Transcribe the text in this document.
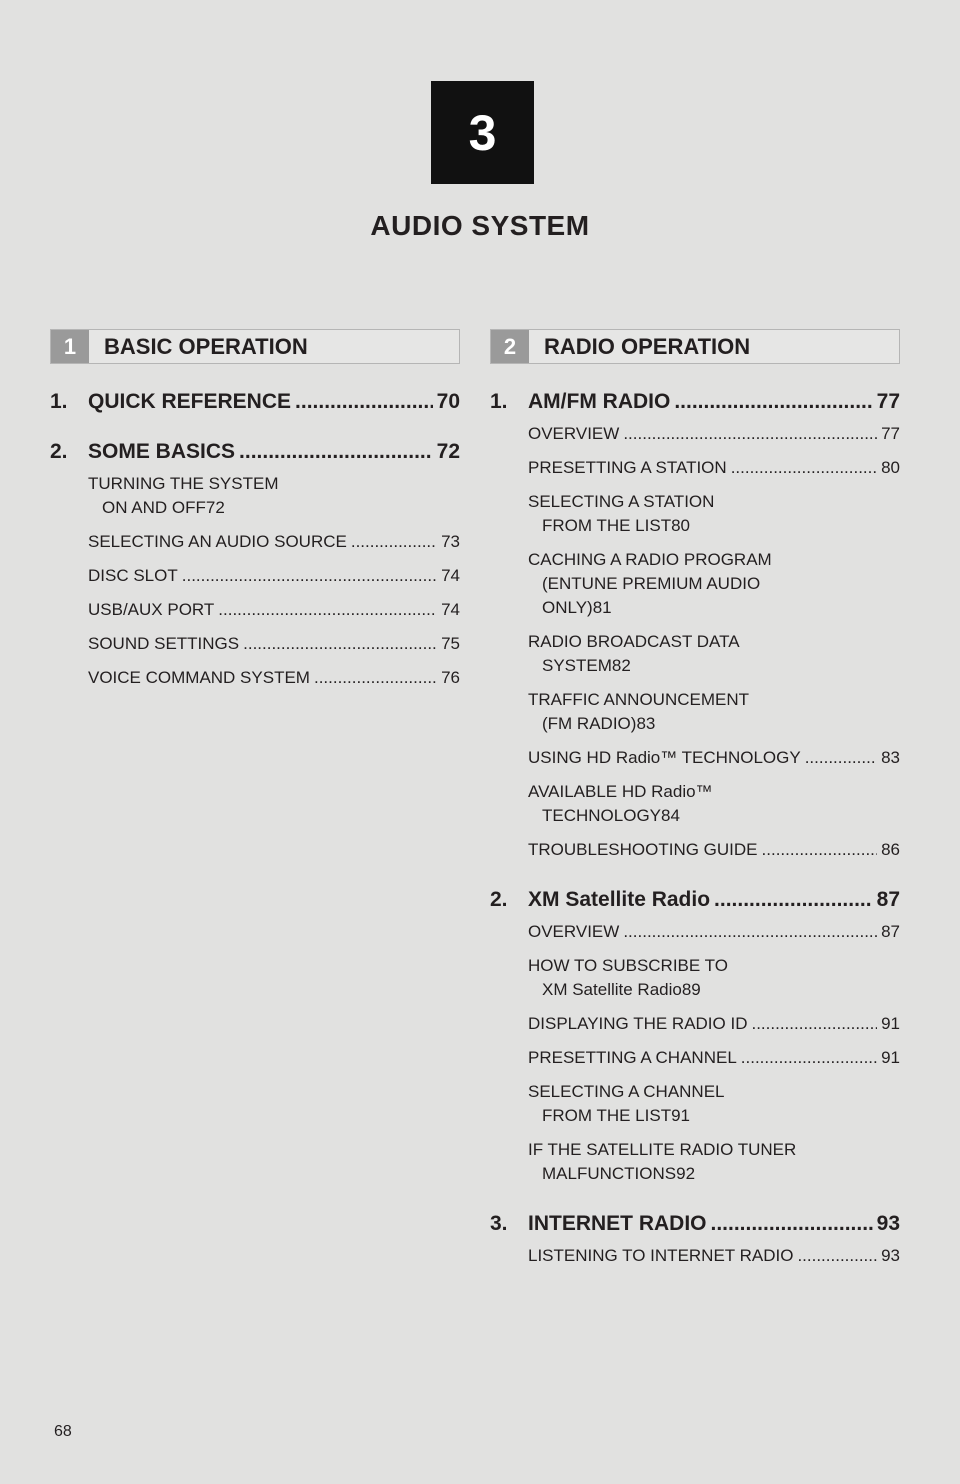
3
AUDIO SYSTEM
1	BASIC OPERATION
1. QUICK REFERENCE .....	70
2. SOME BASICS .....	72
TURNING THE SYSTEM
ON AND OFF 72
SELECTING AN AUDIO SOURCE .....	73
DISC SLOT .....	74
USB/AUX PORT .....	74
SOUND SETTINGS .....	75
VOICE COMMAND SYSTEM .....	76
2	RADIO OPERATION
1. AM/FM RADIO .....	77
OVERVIEW .....	77
PRESETTING A STATION .....	80
SELECTING A STATION
FROM THE LIST 80
CACHING A RADIO PROGRAM
(ENTUNE PREMIUM AUDIO
ONLY) 81
RADIO BROADCAST DATA
SYSTEM 82
TRAFFIC ANNOUNCEMENT
(FM RADIO) 83
USING HD Radio™ TECHNOLOGY .....	83
AVAILABLE HD Radio™
TECHNOLOGY 84
TROUBLESHOOTING GUIDE .....	86
2. XM Satellite Radio .....	87
OVERVIEW .....	87
HOW TO SUBSCRIBE TO
XM Satellite Radio 89
DISPLAYING THE RADIO ID .....	91
PRESETTING A CHANNEL .....	91
SELECTING A CHANNEL
FROM THE LIST 91
IF THE SATELLITE RADIO TUNER
MALFUNCTIONS 92
3. INTERNET RADIO .....	93
LISTENING TO INTERNET RADIO .....	93
68
